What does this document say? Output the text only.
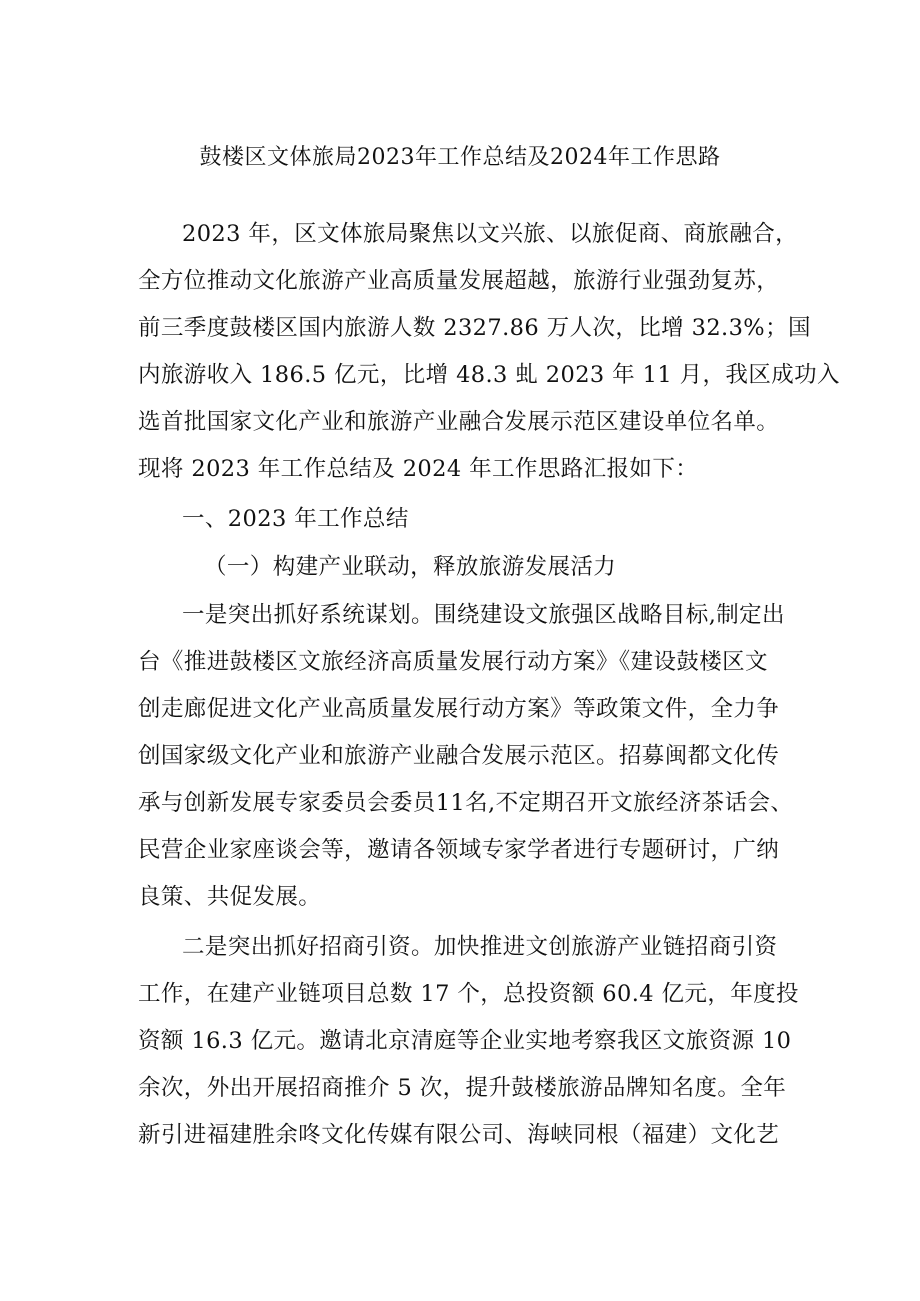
鼓楼区文体旅局2023年工作总结及2024年工作思路
2023 年，区文体旅局聚焦以文兴旅、以旅促商、商旅融合，
全方位推动文化旅游产业高质量发展超越，旅游行业强劲复苏，
前三季度鼓楼区国内旅游人数 2327.86 万人次，比增 32.3%；国
内旅游收入 186.5 亿元，比增 48.3 虬 2023 年 11 月，我区成功入
选首批国家文化产业和旅游产业融合发展示范区建设单位名单。
现将 2023 年工作总结及 2024 年工作思路汇报如下：
一、2023 年工作总结
（一）构建产业联动，释放旅游发展活力
一是突出抓好系统谋划。围绕建设文旅强区战略目标,制定出
台《推进鼓楼区文旅经济高质量发展行动方案》《建设鼓楼区文
创走廊促进文化产业高质量发展行动方案》等政策文件，全力争
创国家级文化产业和旅游产业融合发展示范区。招募闽都文化传
承与创新发展专家委员会委员11名,不定期召开文旅经济茶话会、
民营企业家座谈会等，邀请各领域专家学者进行专题研讨，广纳
良策、共促发展。
二是突出抓好招商引资。加快推进文创旅游产业链招商引资
工作，在建产业链项目总数 17 个，总投资额 60.4 亿元，年度投
资额 16.3 亿元。邀请北京清庭等企业实地考察我区文旅资源 10
余次，外出开展招商推介 5 次，提升鼓楼旅游品牌知名度。全年
新引进福建胜余咚文化传媒有限公司、海峡同根（福建）文化艺
